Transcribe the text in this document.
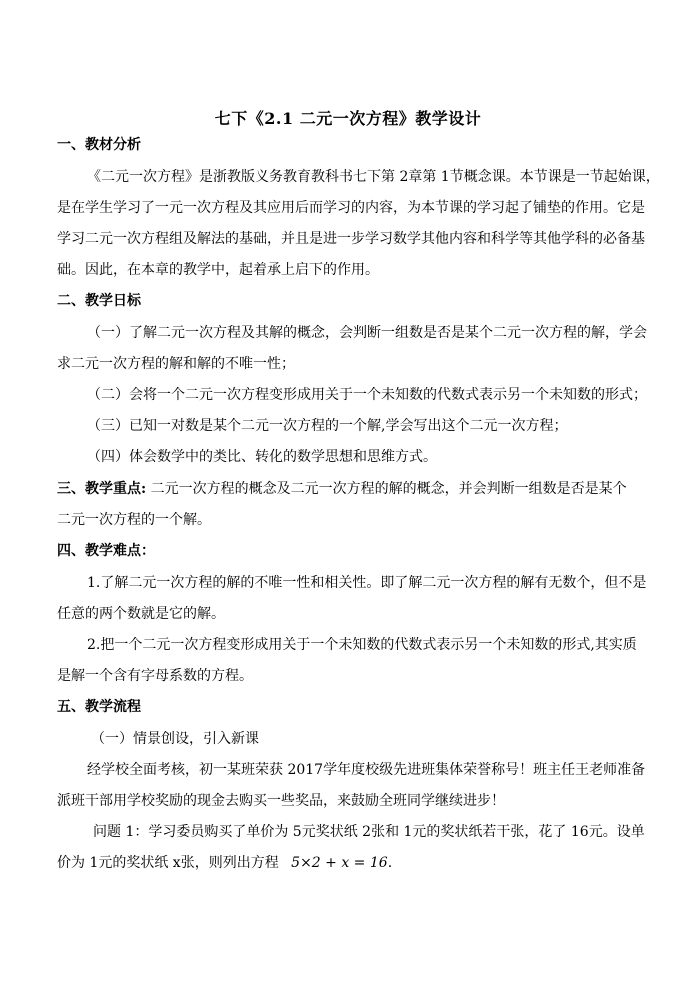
七下《2.1 二元一次方程》教学设计
一、教材分析
《二元一次方程》是浙教版义务教育教科书七下第 2章第 1节概念课。本节课是一节起始课，
是在学生学习了一元一次方程及其应用后而学习的内容，为本节课的学习起了铺垫的作用。它是
学习二元一次方程组及解法的基础，并且是进一步学习数学其他内容和科学等其他学科的必备基
础。因此，在本章的教学中，起着承上启下的作用。
二、教学日标
（一）了解二元一次方程及其解的概念，会判断一组数是否是某个二元一次方程的解，学会
求二元一次方程的解和解的不唯一性；
（二）会将一个二元一次方程变形成用关于一个未知数的代数式表示另一个未知数的形式；
（三）已知一对数是某个二元一次方程的一个解,学会写出这个二元一次方程；
（四）体会数学中的类比、转化的数学思想和思维方式。
三、教学重点: 二元一次方程的概念及二元一次方程的解的概念，并会判断一组数是否是某个
二元一次方程的一个解。
四、教学难点：
1.了解二元一次方程的解的不唯一性和相关性。即了解二元一次方程的解有无数个，但不是
任意的两个数就是它的解。
2.把一个二元一次方程变形成用关于一个未知数的代数式表示另一个未知数的形式,其实质
是解一个含有字母系数的方程。
五、教学流程
（一）情景创设，引入新课
经学校全面考核，初一某班荣获 2017学年度校级先进班集体荣誉称号！班主任王老师准备
派班干部用学校奖励的现金去购买一些奖品，来鼓励全班同学继续进步！
问题 1：学习委员购买了单价为 5元奖状纸 2张和 1元的奖状纸若干张，花了 16元。设单
价为 1元的奖状纸 x张，则列出方程 5×2 + x = 16.
